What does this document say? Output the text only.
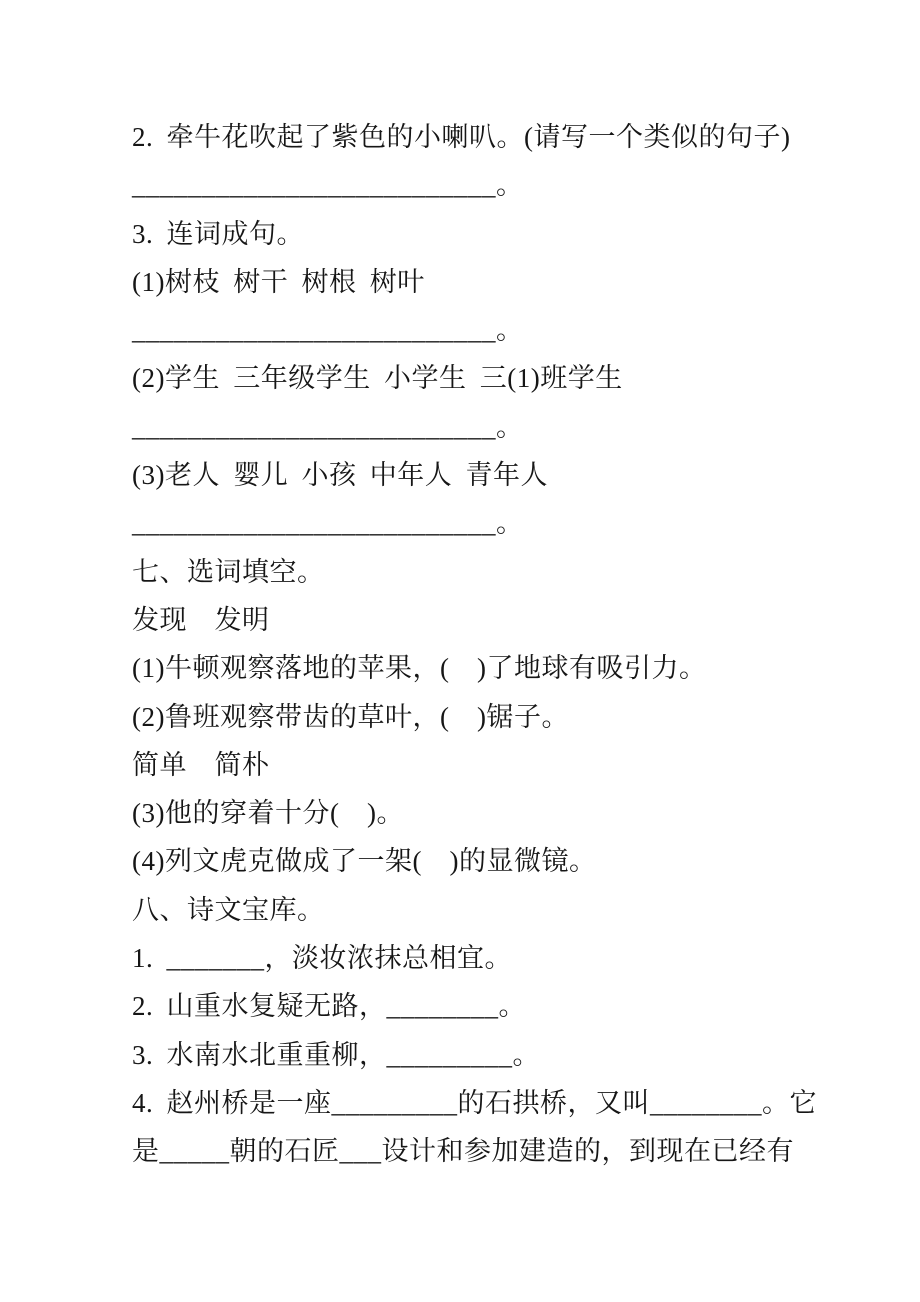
2. 牵牛花吹起了紫色的小喇叭。(请写一个类似的句子)
__________________________。
3. 连词成句。
(1)树枝 树干 树根 树叶
__________________________。
(2)学生 三年级学生 小学生 三(1)班学生
__________________________。
(3)老人 婴儿 小孩 中年人 青年人
__________________________。
七、选词填空。
发现　发明
(1)牛顿观察落地的苹果，(　)了地球有吸引力。
(2)鲁班观察带齿的草叶，(　)锯子。
简单　简朴
(3)他的穿着十分(　)。
(4)列文虎克做成了一架(　)的显微镜。
八、诗文宝库。
1. _______，淡妆浓抹总相宜。
2. 山重水复疑无路，________。
3. 水南水北重重柳，_________。
4. 赵州桥是一座_________的石拱桥，又叫________。它
是_____朝的石匠___设计和参加建造的，到现在已经有
